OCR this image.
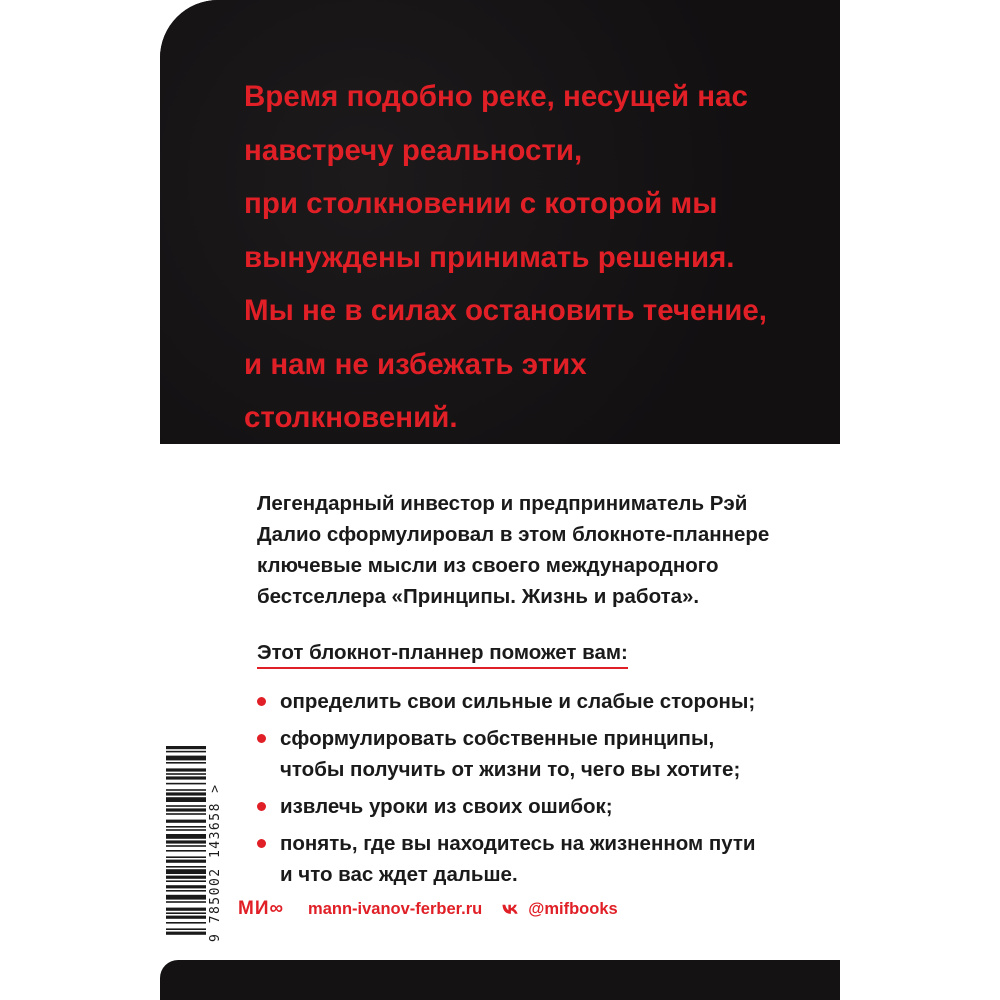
Время подобно реке, несущей нас
навстречу реальности,
при столкновении с которой мы
вынуждены принимать решения.
Мы не в силах остановить течение,
и нам не избежать этих
столкновений.

Легендарный инвестор и предприниматель Рэй
Далио сформулировал в этом блокноте-планнере
ключевые мысли из своего международного
бестселлера «Принципы. Жизнь и работа».

Этот блокнот-планнер поможет вам:
определить свои сильные и слабые стороны;
сформулировать собственные принципы,
чтобы получить от жизни то, чего вы хотите;
извлечь уроки из своих ошибок;
понять, где вы находитесь на жизненном пути
и что вас ждет дальше.
МИ∞ mann-ivanov-ferber.ru	@mifbooks
9 785002 143658 >
